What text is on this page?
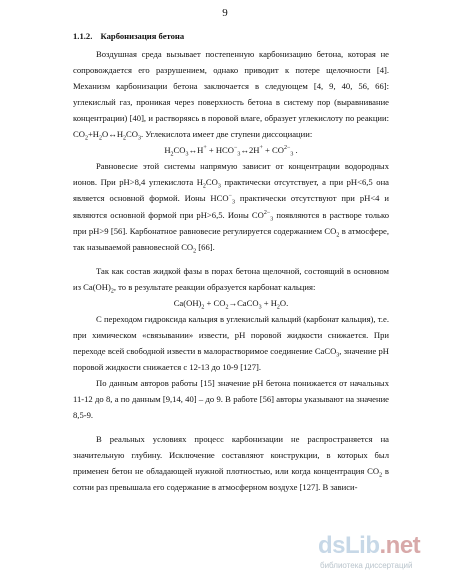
9
1.1.2. Карбонизация бетона

Воздушная среда вызывает постепенную карбонизацию бетона, которая не сопровождается его разрушением, однако приводит к потере щелочности [4]. Механизм карбонизации бетона заключается в следующем [4, 9, 40, 56, 66]: углекислый газ, проникая через поверхность бетона в систему пор (выравнивание концентрации) [40], и растворяясь в поровой влаге, образует углекислоту по реакции: $CO_2+H_2O\leftrightarrow H_2CO_3$. Углекислота имеет две ступени диссоциации:

$H_2CO_3\leftrightarrow H^+$ + $HCO^-_3\leftrightarrow 2H^+ + CO^{2-}_3$ .

Равновесие этой системы напрямую зависит от концентрации водородных ионов. При pH>8,4 углекислота $H_2CO_3$ практически отсутствует, а при pH<6,5 она является основной формой. Ионы $HCO^-_3$ практически отсутствуют при pH<4 и являются основной формой при pH>6,5. Ионы $CO^{2-}_3$ появляются в растворе только при pH>9 [56]. Карбонатное равновесие регулируется содержанием $CO_2$ в атмосфере, так называемой равновесной $CO_2$ [66].

Так как состав жидкой фазы в порах бетона щелочной, состоящий в основном из $Ca(OH)_2$, то в результате реакции образуется карбонат кальция:

$Ca(OH)_2$ + $CO_2\to CaCO_3 + H_2O$.

С переходом гидроксида кальция в углекислый кальций (карбонат кальция), т.е. при химическом «связывании» извести, pH поровой жидкости снижается. При переходе всей свободной извести в малорастворимое соединение CaCO$_3$, значение pH поровой жидкости снижается с 12-13 до 10-9 [127].

По данным авторов работы [15] значение pH бетона понижается от начальных 11-12 до 8, а по данным [9,14, 40] – до 9. В работе [56] авторы указывают на значение 8,5-9.

В реальных условиях процесс карбонизации не распространяется на значительную глубину. Исключение составляют конструкции, в которых был применен бетон не обладающей нужной плотностью, или когда концентрация $CO_2$ в сотни раз превышала его содержание в атмосферном воздухе [127]. В зависи-

dsLib.net
библиотека диссертаций
